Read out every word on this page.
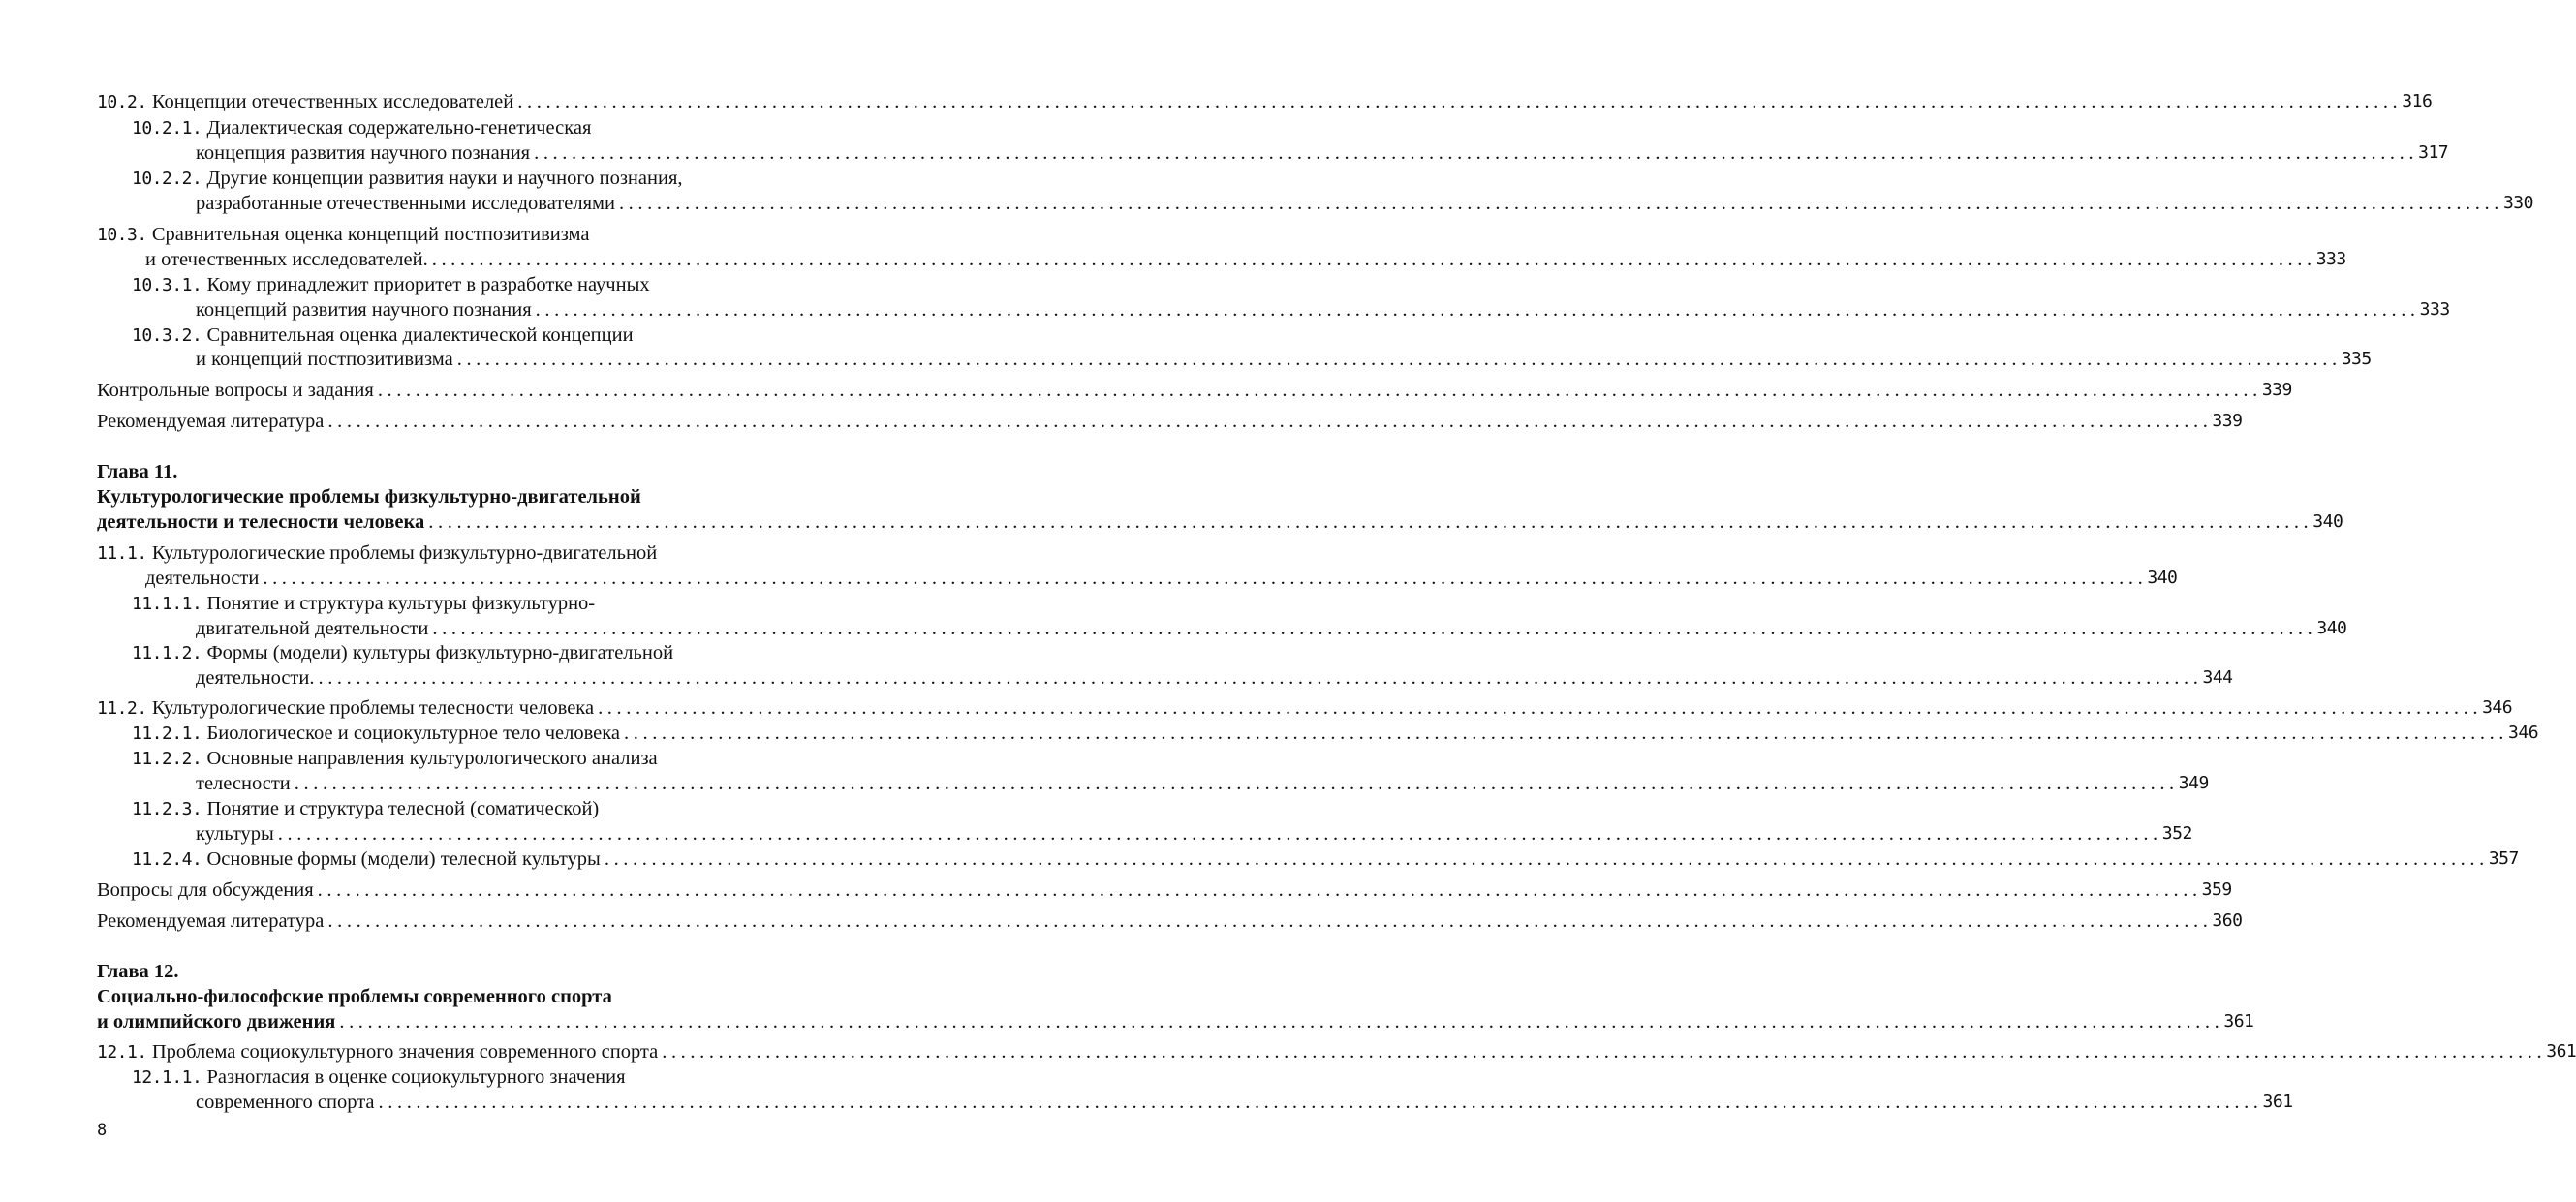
10.2. Концепции отечественных исследователей ........................................................................................................................................................................................................ 316
10.2.1. Диалектическая содержательно-генетическая
концепция развития научного познания ........................................................................................................................................................................................................ 317
10.2.2. Другие концепции развития науки и научного познания,
разработанные отечественными исследователями ........................................................................................................................................................................................................ 330
10.3. Сравнительная оценка концепций постпозитивизма
и отечественных исследователей. ........................................................................................................................................................................................................ 333
10.3.1. Кому принадлежит приоритет в разработке научных
концепций развития научного познания ........................................................................................................................................................................................................ 333
10.3.2. Сравнительная оценка диалектической концепции
и концепций постпозитивизма ........................................................................................................................................................................................................ 335
Контрольные вопросы и задания ........................................................................................................................................................................................................ 339
Рекомендуемая литература ........................................................................................................................................................................................................ 339
Глава 11.
Культурологические проблемы физкультурно-двигательной
деятельности и телесности человека ........................................................................................................................................................................................................ 340
11.1. Культурологические проблемы физкультурно-двигательной
деятельности ........................................................................................................................................................................................................ 340
11.1.1. Понятие и структура культуры физкультурно-
двигательной деятельности ........................................................................................................................................................................................................ 340
11.1.2. Формы (модели) культуры физкультурно-двигательной
деятельности. ........................................................................................................................................................................................................ 344
11.2. Культурологические проблемы телесности человека ........................................................................................................................................................................................................ 346
11.2.1. Биологическое и социокультурное тело человека ........................................................................................................................................................................................................ 346
11.2.2. Основные направления культурологического анализа
телесности ........................................................................................................................................................................................................ 349
11.2.3. Понятие и структура телесной (соматической)
культуры ........................................................................................................................................................................................................ 352
11.2.4. Основные формы (модели) телесной культуры ........................................................................................................................................................................................................ 357
Вопросы для обсуждения ........................................................................................................................................................................................................ 359
Рекомендуемая литература ........................................................................................................................................................................................................ 360
Глава 12.
Социально-философские проблемы современного спорта
и олимпийского движения ........................................................................................................................................................................................................ 361
12.1. Проблема социокультурного значения современного спорта ........................................................................................................................................................................................................ 361
12.1.1. Разногласия в оценке социокультурного значения
современного спорта ........................................................................................................................................................................................................ 361
8
